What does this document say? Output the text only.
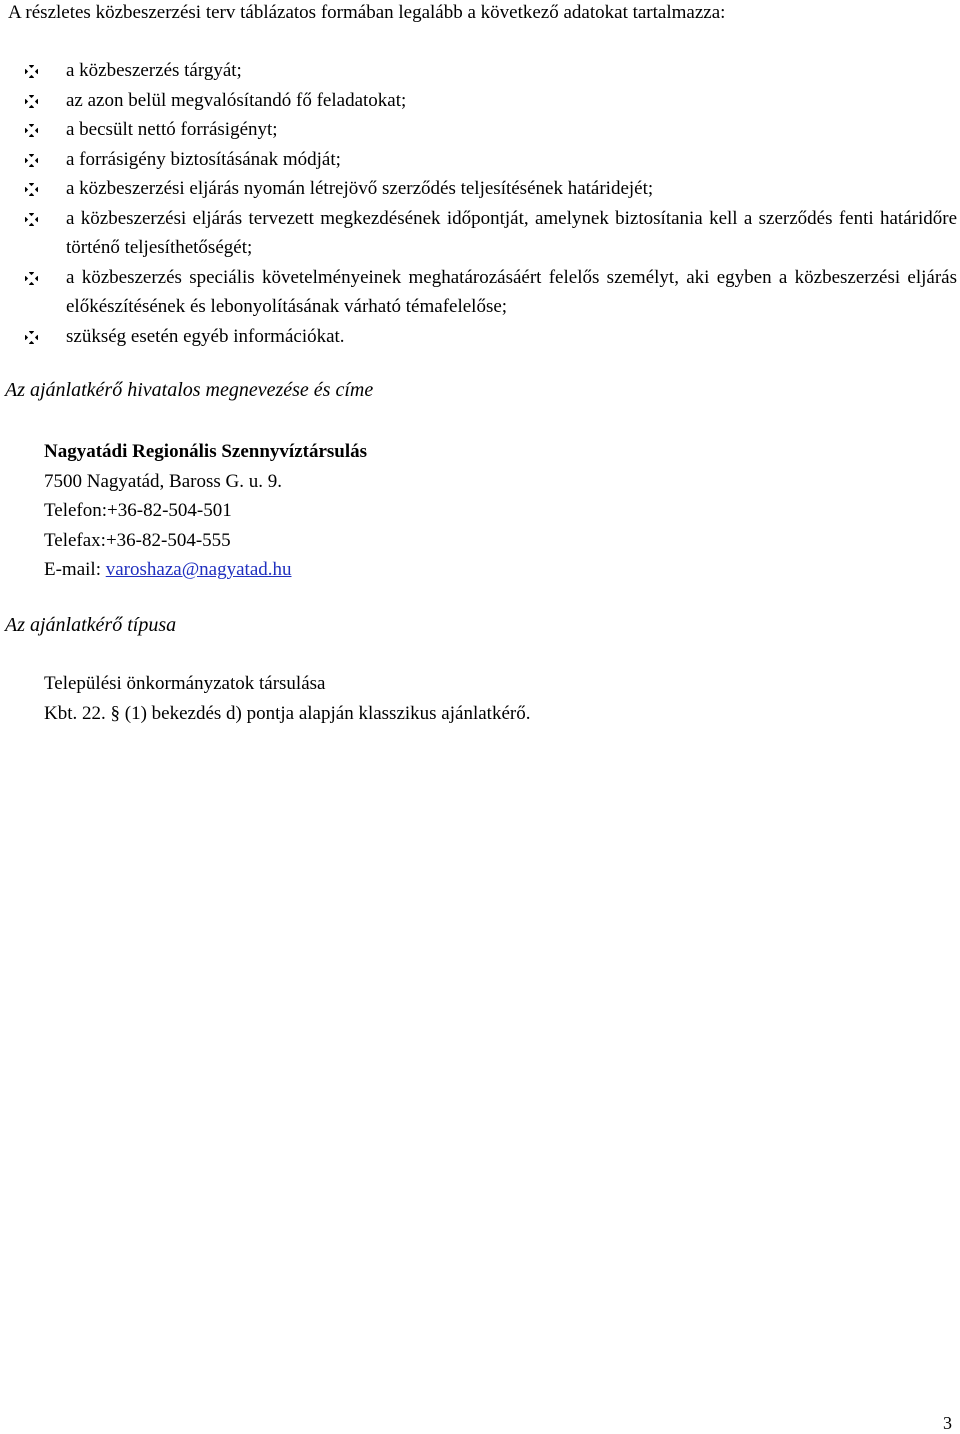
A részletes közbeszerzési terv táblázatos formában legalább a következő adatokat tartalmazza:

a közbeszerzés tárgyát;
az azon belül megvalósítandó fő feladatokat;
a becsült nettó forrásigényt;
a forrásigény biztosításának módját;
a közbeszerzési eljárás nyomán létrejövő szerződés teljesítésének határidejét;
a közbeszerzési eljárás tervezett megkezdésének időpontját, amelynek biztosítania kell a szerződés fenti határidőre történő teljesíthetőségét;
a közbeszerzés speciális követelményeinek meghatározásáért felelős személyt, aki egyben a közbeszerzési eljárás előkészítésének és lebonyolításának várható témafelelőse;
szükség esetén egyéb információkat.
Az ajánlatkérő hivatalos megnevezése és címe
Nagyatádi Regionális Szennyvíztársulás
7500 Nagyatád, Baross G. u. 9.
Telefon:+36-82-504-501
Telefax:+36-82-504-555
E-mail: varoshaza@nagyatad.hu
Az ajánlatkérő típusa
Települési önkormányzatok társulása
Kbt. 22. § (1) bekezdés d) pontja alapján klasszikus ajánlatkérő.
3
